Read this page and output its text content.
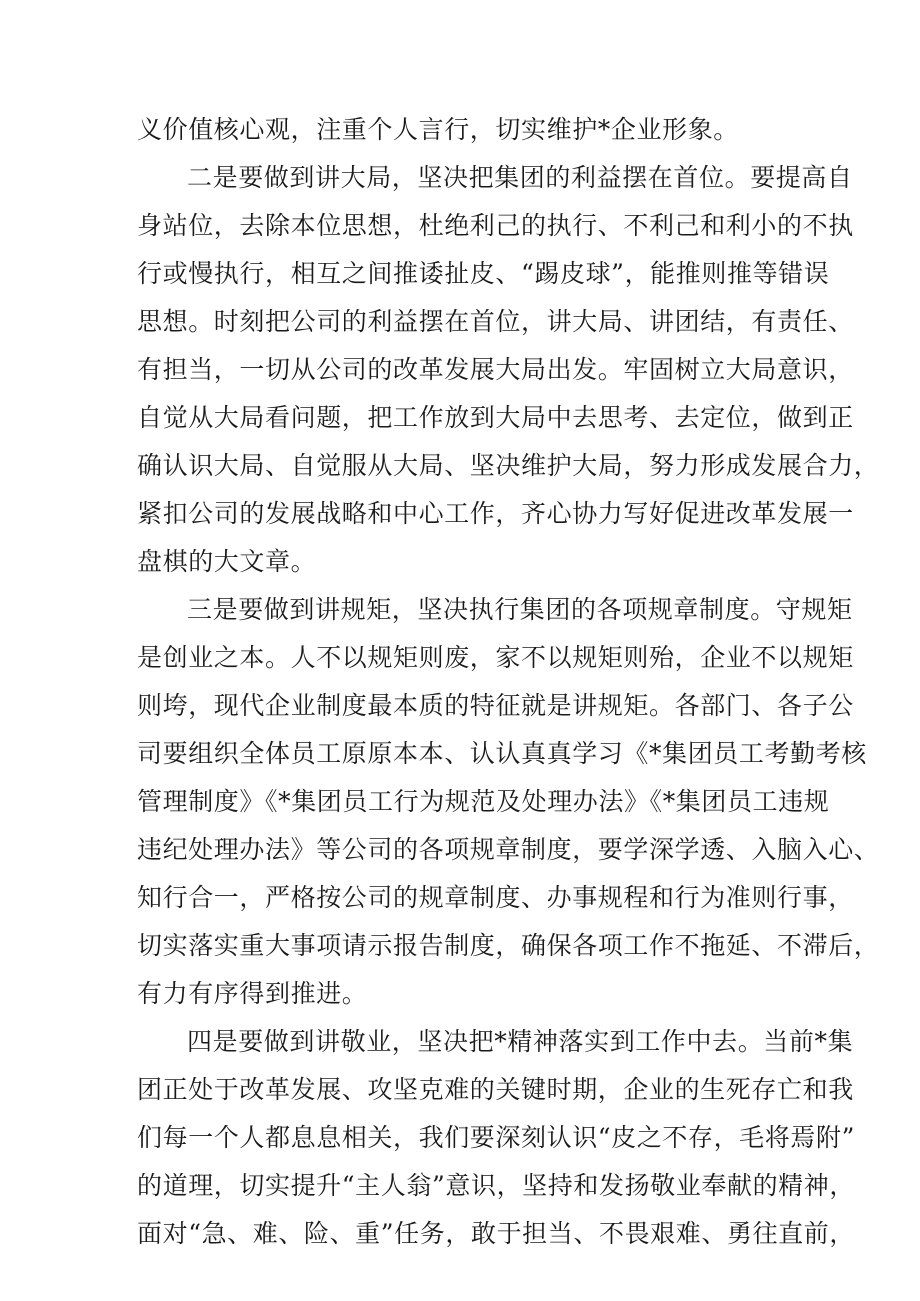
义价值核心观，注重个人言行，切实维护*企业形象。

二是要做到讲大局，坚决把集团的利益摆在首位。要提高自

身站位，去除本位思想，杜绝利己的执行、不利己和利小的不执

行或慢执行，相互之间推诿扯皮、“踢皮球”，能推则推等错误

思想。时刻把公司的利益摆在首位，讲大局、讲团结，有责任、

有担当，一切从公司的改革发展大局出发。牢固树立大局意识，

自觉从大局看问题，把工作放到大局中去思考、去定位，做到正

确认识大局、自觉服从大局、坚决维护大局，努力形成发展合力，

紧扣公司的发展战略和中心工作，齐心协力写好促进改革发展一

盘棋的大文章。

三是要做到讲规矩，坚决执行集团的各项规章制度。守规矩

是创业之本。人不以规矩则废，家不以规矩则殆，企业不以规矩

则垮，现代企业制度最本质的特征就是讲规矩。各部门、各子公

司要组织全体员工原原本本、认认真真学习《*集团员工考勤考核

管理制度》《*集团员工行为规范及处理办法》《*集团员工违规

违纪处理办法》等公司的各项规章制度，要学深学透、入脑入心、

知行合一，严格按公司的规章制度、办事规程和行为准则行事，

切实落实重大事项请示报告制度，确保各项工作不拖延、不滞后，

有力有序得到推进。

四是要做到讲敬业，坚决把*精神落实到工作中去。当前*集

团正处于改革发展、攻坚克难的关键时期，企业的生死存亡和我

们每一个人都息息相关，我们要深刻认识“皮之不存，毛将焉附”

的道理，切实提升“主人翁”意识，坚持和发扬敬业奉献的精神，

面对“急、难、险、重”任务，敢于担当、不畏艰难、勇往直前，
